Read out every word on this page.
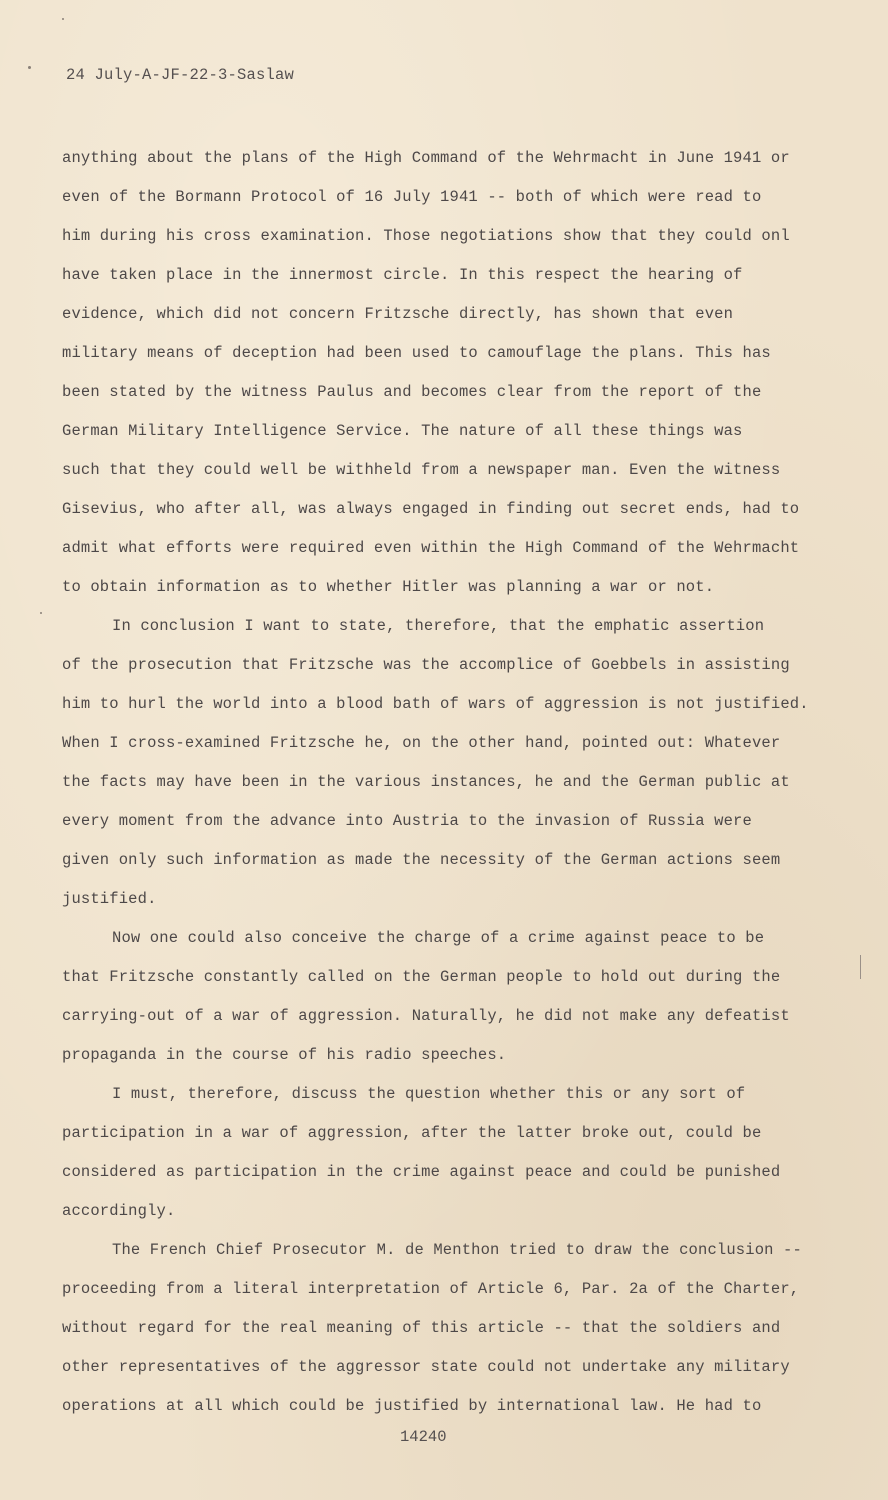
24 July-A-JF-22-3-Saslaw
anything about the plans of the High Command of the Wehrmacht in June 1941 or
even of the Bormann Protocol of 16 July 1941 -- both of which were read to
him during his cross examination. Those negotiations show that they could onl
have taken place in the innermost circle. In this respect the hearing of
evidence, which did not concern Fritzsche directly, has shown that even
military means of deception had been used to camouflage the plans. This has
been stated by the witness Paulus and becomes clear from the report of the
German Military Intelligence Service. The nature of all these things was
such that they could well be withheld from a newspaper man. Even the witness
Gisevius, who after all, was always engaged in finding out secret ends, had to
admit what efforts were required even within the High Command of the Wehrmacht
to obtain information as to whether Hitler was planning a war or not.
In conclusion I want to state, therefore, that the emphatic assertion
of the prosecution that Fritzsche was the accomplice of Goebbels in assisting
him to hurl the world into a blood bath of wars of aggression is not justified.
When I cross-examined Fritzsche he, on the other hand, pointed out: Whatever
the facts may have been in the various instances, he and the German public at
every moment from the advance into Austria to the invasion of Russia were
given only such information as made the necessity of the German actions seem
justified.
Now one could also conceive the charge of a crime against peace to be
that Fritzsche constantly called on the German people to hold out during the
carrying-out of a war of aggression. Naturally, he did not make any defeatist
propaganda in the course of his radio speeches.
I must, therefore, discuss the question whether this or any sort of
participation in a war of aggression, after the latter broke out, could be
considered as participation in the crime against peace and could be punished
accordingly.
The French Chief Prosecutor M. de Menthon tried to draw the conclusion --
proceeding from a literal interpretation of Article 6, Par. 2a of the Charter,
without regard for the real meaning of this article -- that the soldiers and
other representatives of the aggressor state could not undertake any military
operations at all which could be justified by international law. He had to
14240
